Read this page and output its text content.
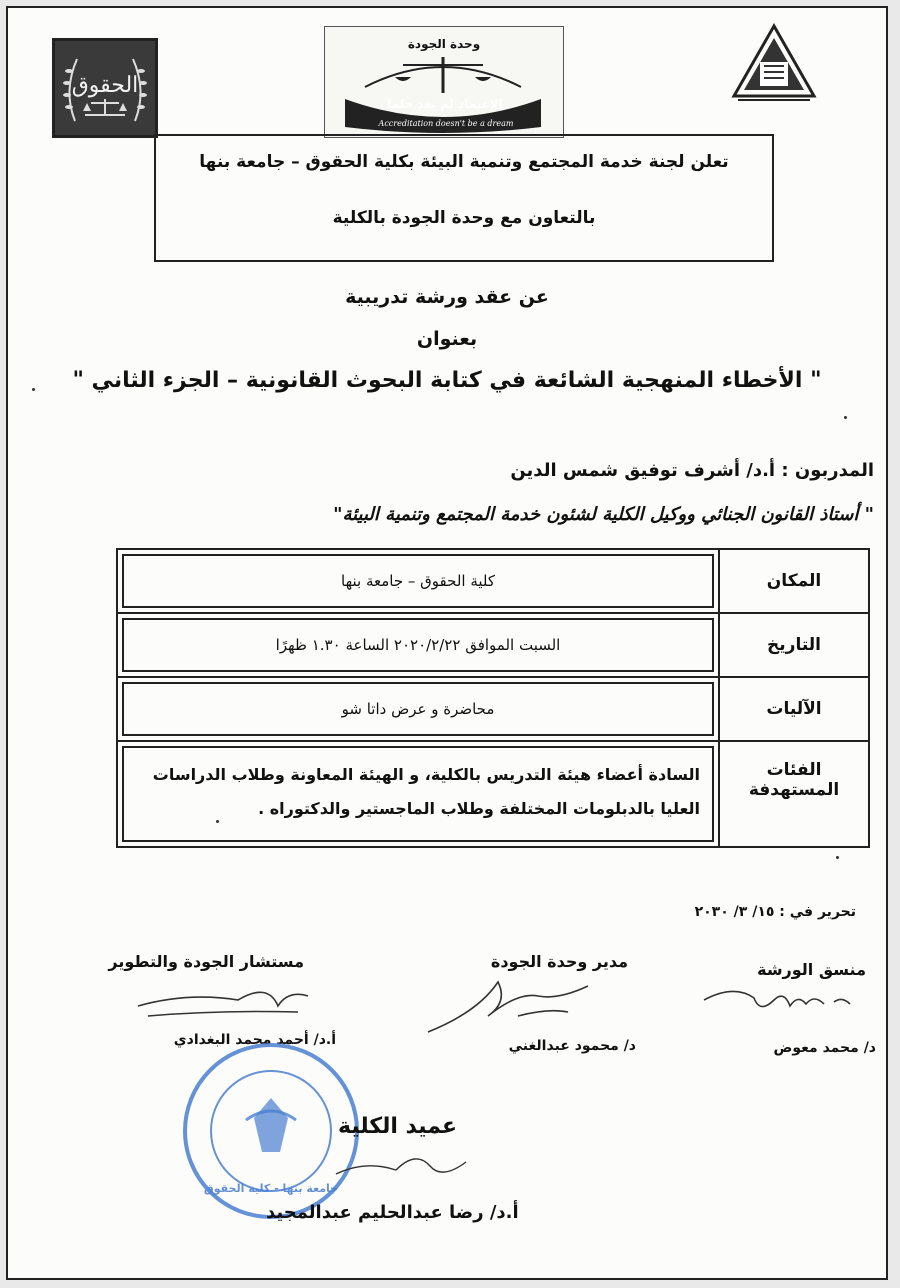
الحقوق
وحدة الجودة
الإعتماد لم يعد حلما
Accreditation doesn't be a dream
تعلن لجنة خدمة المجتمع وتنمية البيئة بكلية الحقوق – جامعة بنها
بالتعاون مع وحدة الجودة بالكلية
عن عقد ورشة تدريبية
بعنوان
" الأخطاء المنهجية الشائعة في كتابة البحوث القانونية – الجزء الثاني "
المدربون : أ.د/ أشرف توفيق شمس الدين
" أستاذ القانون الجنائي ووكيل الكلية لشئون خدمة المجتمع وتنمية البيئة"
المكان	كلية الحقوق – جامعة بنها

التاريخ	السبت الموافق ٢٠٢٠/٢/٢٢ الساعة ١.٣٠ ظهرًا

الآليات	محاضرة و عرض داتا شو

الفئات المستهدفة	السادة أعضاء هيئة التدريس بالكلية، و الهيئة المعاونة وطلاب الدراسات العليا بالدبلومات المختلفة وطلاب الماجستير والدكتوراه .
تحرير في : ١٥/ ٣/ ٢٠٣٠
منسق الورشة
مدير وحدة الجودة
مستشار الجودة والتطوير
د/ محمد معوض
د/ محمود عبدالغني
أ.د/ أحمد محمد البغدادي
جامعة بنها - كلية الحقوق
عميد الكلية
أ.د/ رضا عبدالحليم عبدالمجيد
